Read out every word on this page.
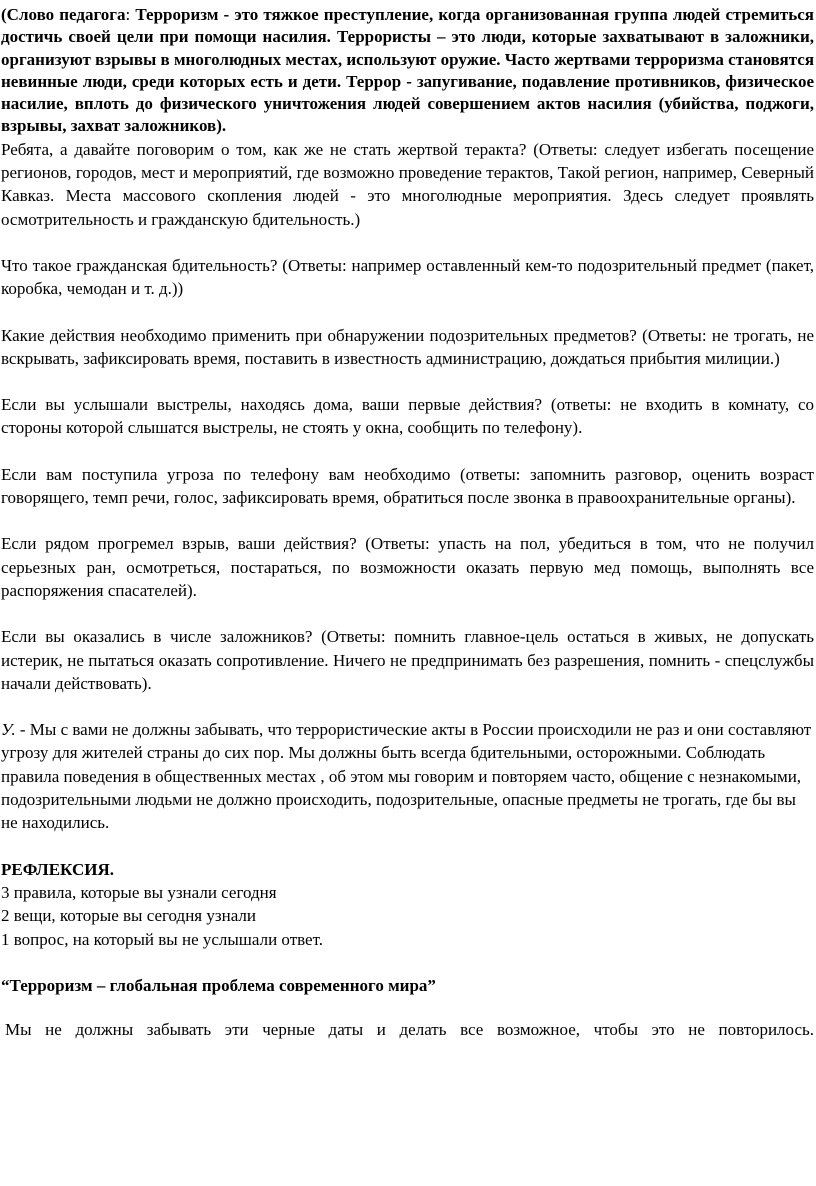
(Слово педагога: Терроризм - это тяжкое преступление, когда организованная группа людей стремиться достичь своей цели при помощи насилия. Террористы – это люди, которые захватывают в заложники, организуют взрывы в многолюдных местах, используют оружие. Часто жертвами терроризма становятся невинные люди, среди которых есть и дети. Террор - запугивание, подавление противников, физическое насилие, вплоть до физического уничтожения людей совершением актов насилия (убийства, поджоги, взрывы, захват заложников).

Ребята, а давайте поговорим о том, как же не стать жертвой теракта? (Ответы: следует избегать посещение регионов, городов, мест и мероприятий, где возможно проведение терактов, Такой регион, например, Северный Кавказ. Места массового скопления людей - это многолюдные мероприятия. Здесь следует проявлять осмотрительность и гражданскую бдительность.)

Что такое гражданская бдительность? (Ответы: например оставленный кем-то подозрительный предмет (пакет, коробка, чемодан и т. д.))

Какие действия необходимо применить при обнаружении подозрительных предметов? (Ответы: не трогать, не вскрывать, зафиксировать время, поставить в известность администрацию, дождаться прибытия милиции.)

Если вы услышали выстрелы, находясь дома, ваши первые действия? (ответы: не входить в комнату, со стороны которой слышатся выстрелы, не стоять у окна, сообщить по телефону).

Если вам поступила угроза по телефону вам необходимо (ответы: запомнить разговор, оценить возраст говорящего, темп речи, голос, зафиксировать время, обратиться после звонка в правоохранительные органы).

Если рядом прогремел взрыв, ваши действия? (Ответы: упасть на пол, убедиться в том, что не получил серьезных ран, осмотреться, постараться, по возможности оказать первую мед помощь, выполнять все распоряжения спасателей).

Если вы оказались в числе заложников? (Ответы: помнить главное-цель остаться в живых, не допускать истерик, не пытаться оказать сопротивление. Ничего не предпринимать без разрешения, помнить - спецслужбы начали действовать).

У. - Мы с вами не должны забывать, что террористические акты в России происходили не раз и они составляют угрозу для жителей страны до сих пор. Мы должны быть всегда бдительными, осторожными. Соблюдать правила поведения в общественных местах , об этом мы говорим и повторяем часто, общение с незнакомыми, подозрительными людьми не должно происходить, подозрительные, опасные предметы не трогать, где бы вы не находились.

РЕФЛЕКСИЯ.

3 правила, которые вы узнали сегодня

2 вещи, которые вы сегодня узнали

1 вопрос, на который вы не услышали ответ.

“Терроризм – глобальная проблема современного мира”

Мы не должны забывать эти черные даты и делать все возможное, чтобы это не повторилось.
